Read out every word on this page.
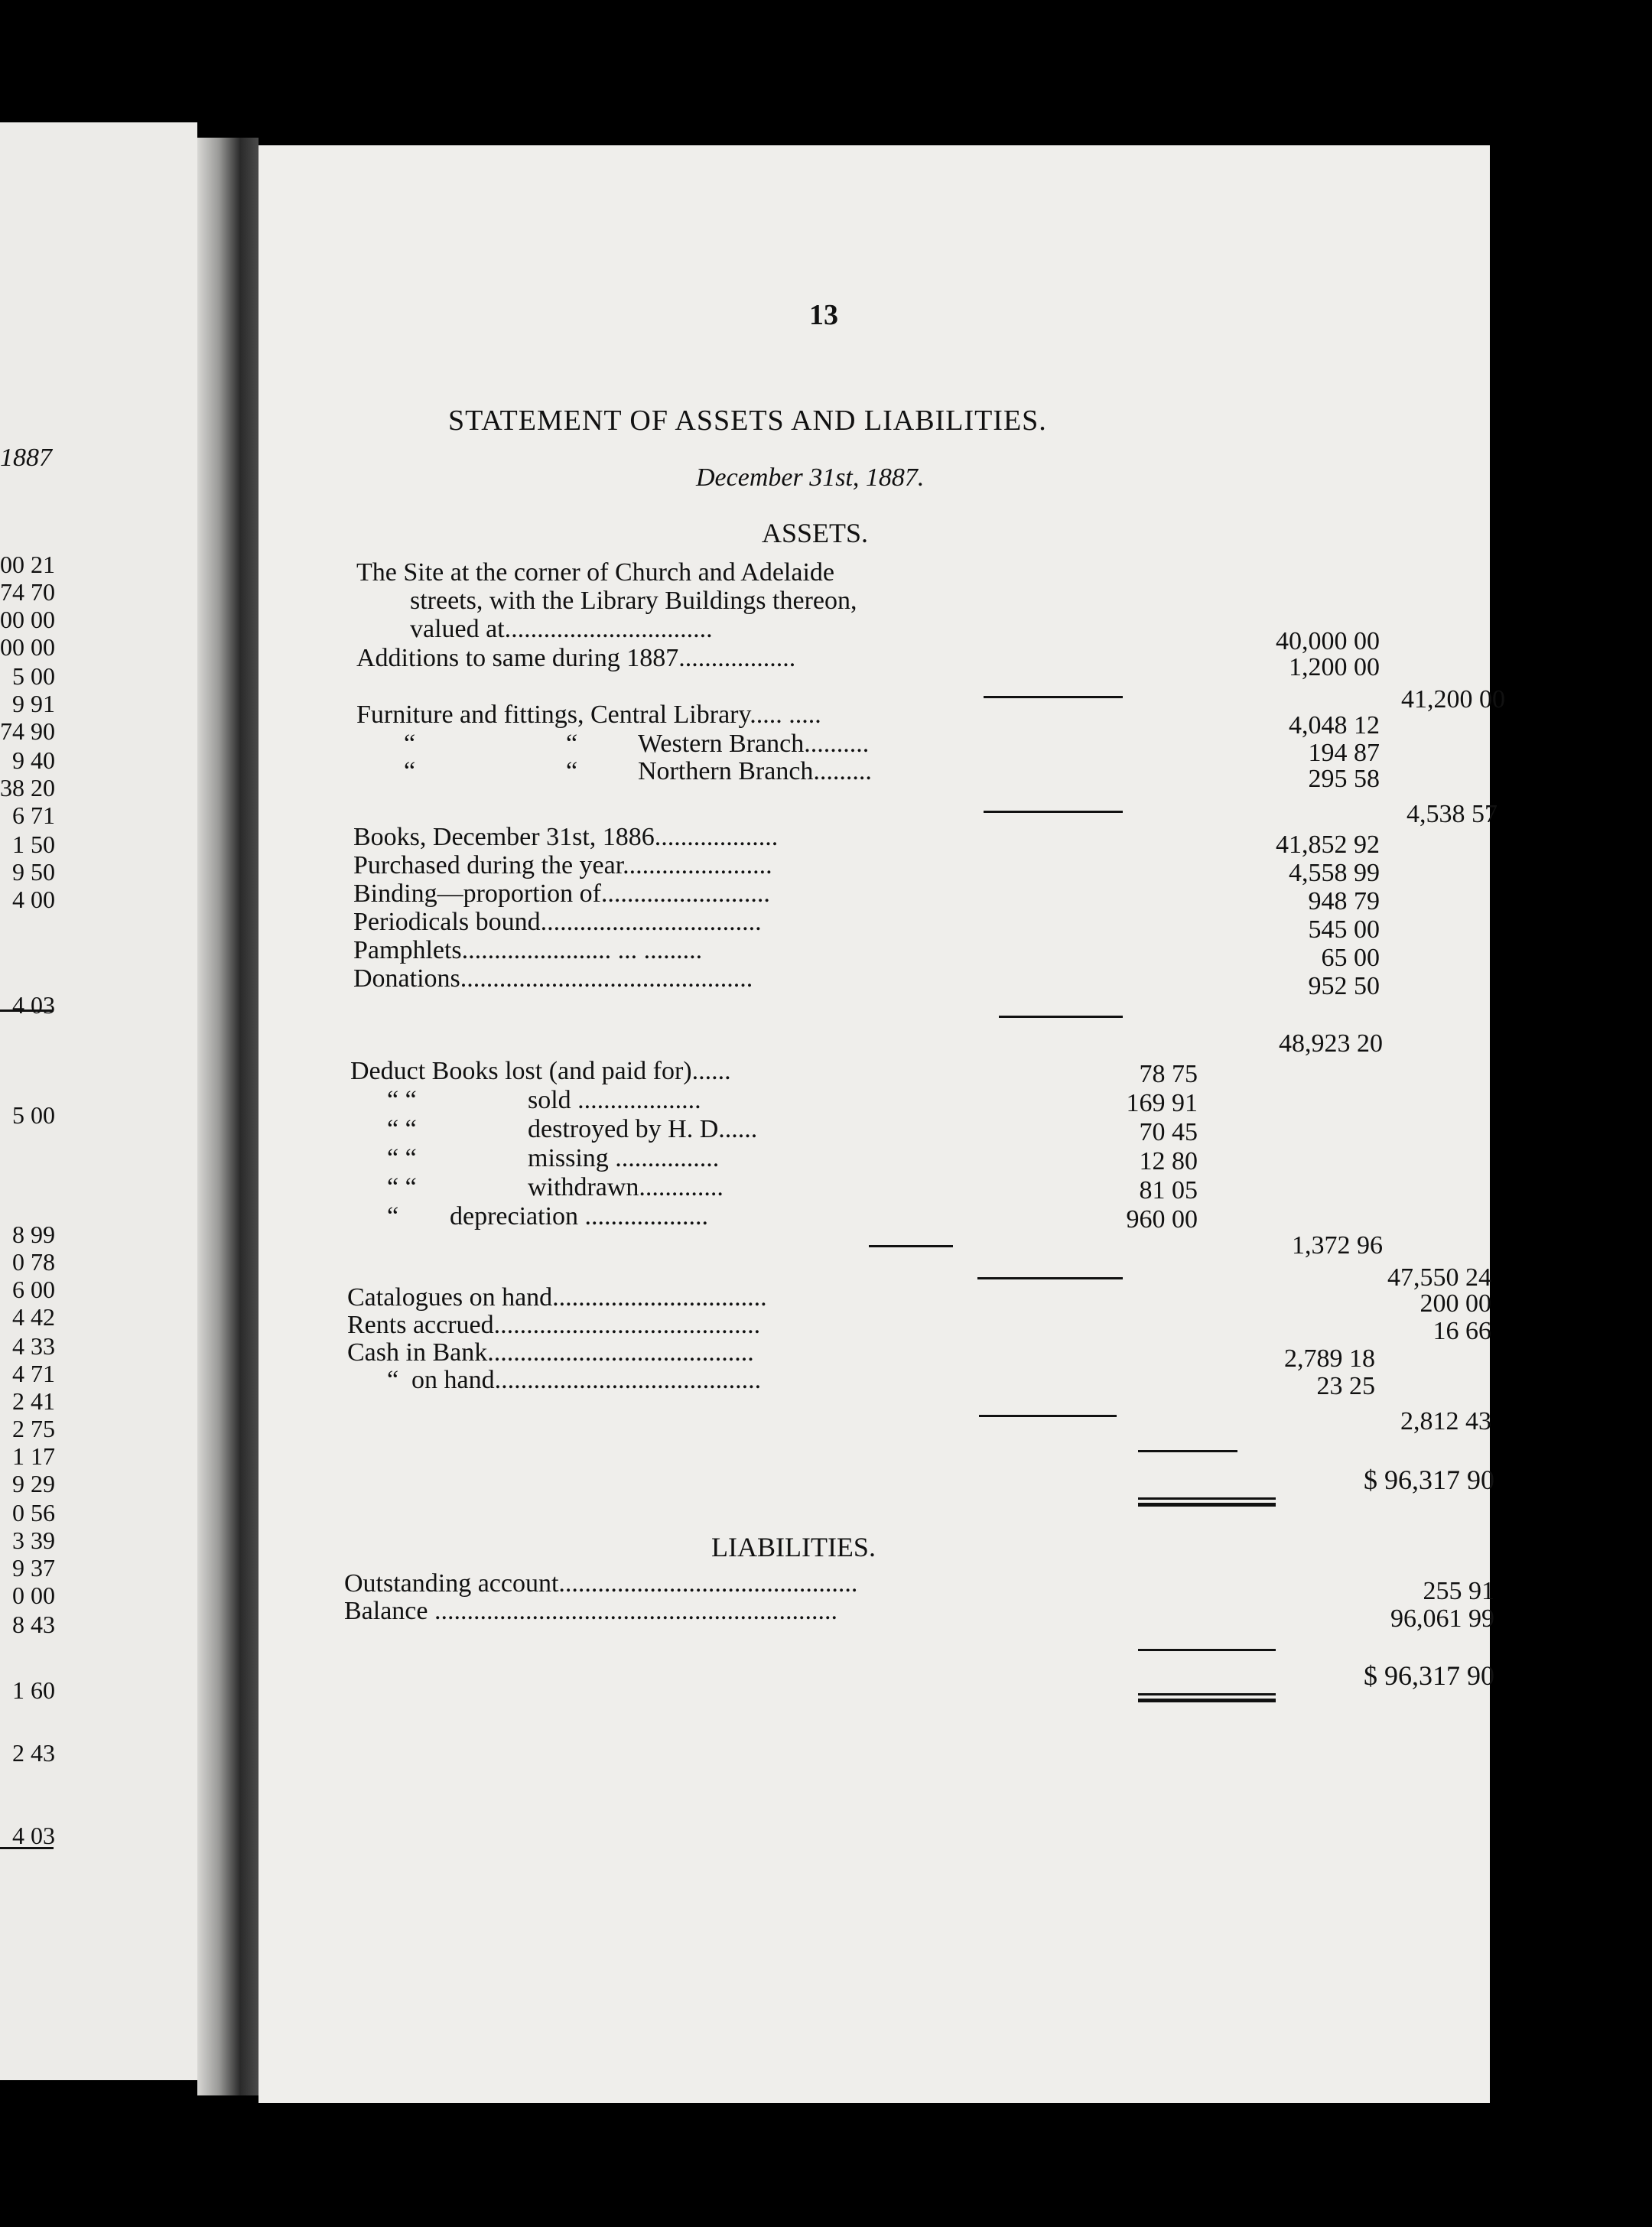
1887
00 21
74 70
00 00
00 00
5 00
9 91
74 90
9 40
38 20
6 71
1 50
9 50
4 00
4 03
5 00
8 99
0 78
6 00
4 42
4 33
4 71
2 41
2 75
1 17
9 29
0 56
3 39
9 37
0 00
8 43
1 60
2 43
4 03
13
STATEMENT OF ASSETS AND LIABILITIES.
December 31st, 1887.
ASSETS.
The Site at the corner of Church and Adelaide
streets, with the Library Buildings thereon,
valued at................................	40,000 00
Additions to same during 1887..................	1,200 00
41,200 00
Furniture and fittings, Central Library..... .....	4,048 12
“	“ Western Branch..........	194 87
“	“ Northern Branch.........	295 58
4,538 57
Books, December 31st, 1886...................	41,852 92
Purchased during the year.......................	4,558 99
Binding—proportion of..........................	948 79
Periodicals bound..................................	545 00
Pamphlets....................... ... .........	65 00
Donations.............................................	952 50
48,923 20
Deduct Books lost (and paid for)......	78 75
“ “	sold ...................	169 91
“ “	destroyed by H. D......	70 45
“ “	missing ................	12 80
“ “	withdrawn.............	81 05
“ depreciation ...................	960 00
1,372 96
47,550 24
Catalogues on hand.................................	200 00
Rents accrued.........................................	16 66
Cash in Bank.........................................	2,789 18
“ on hand.........................................	23 25
2,812 43
$ 96,317 90
LIABILITIES.
Outstanding account..............................................	255 91
Balance ..............................................................	96,061 99
$ 96,317 90
